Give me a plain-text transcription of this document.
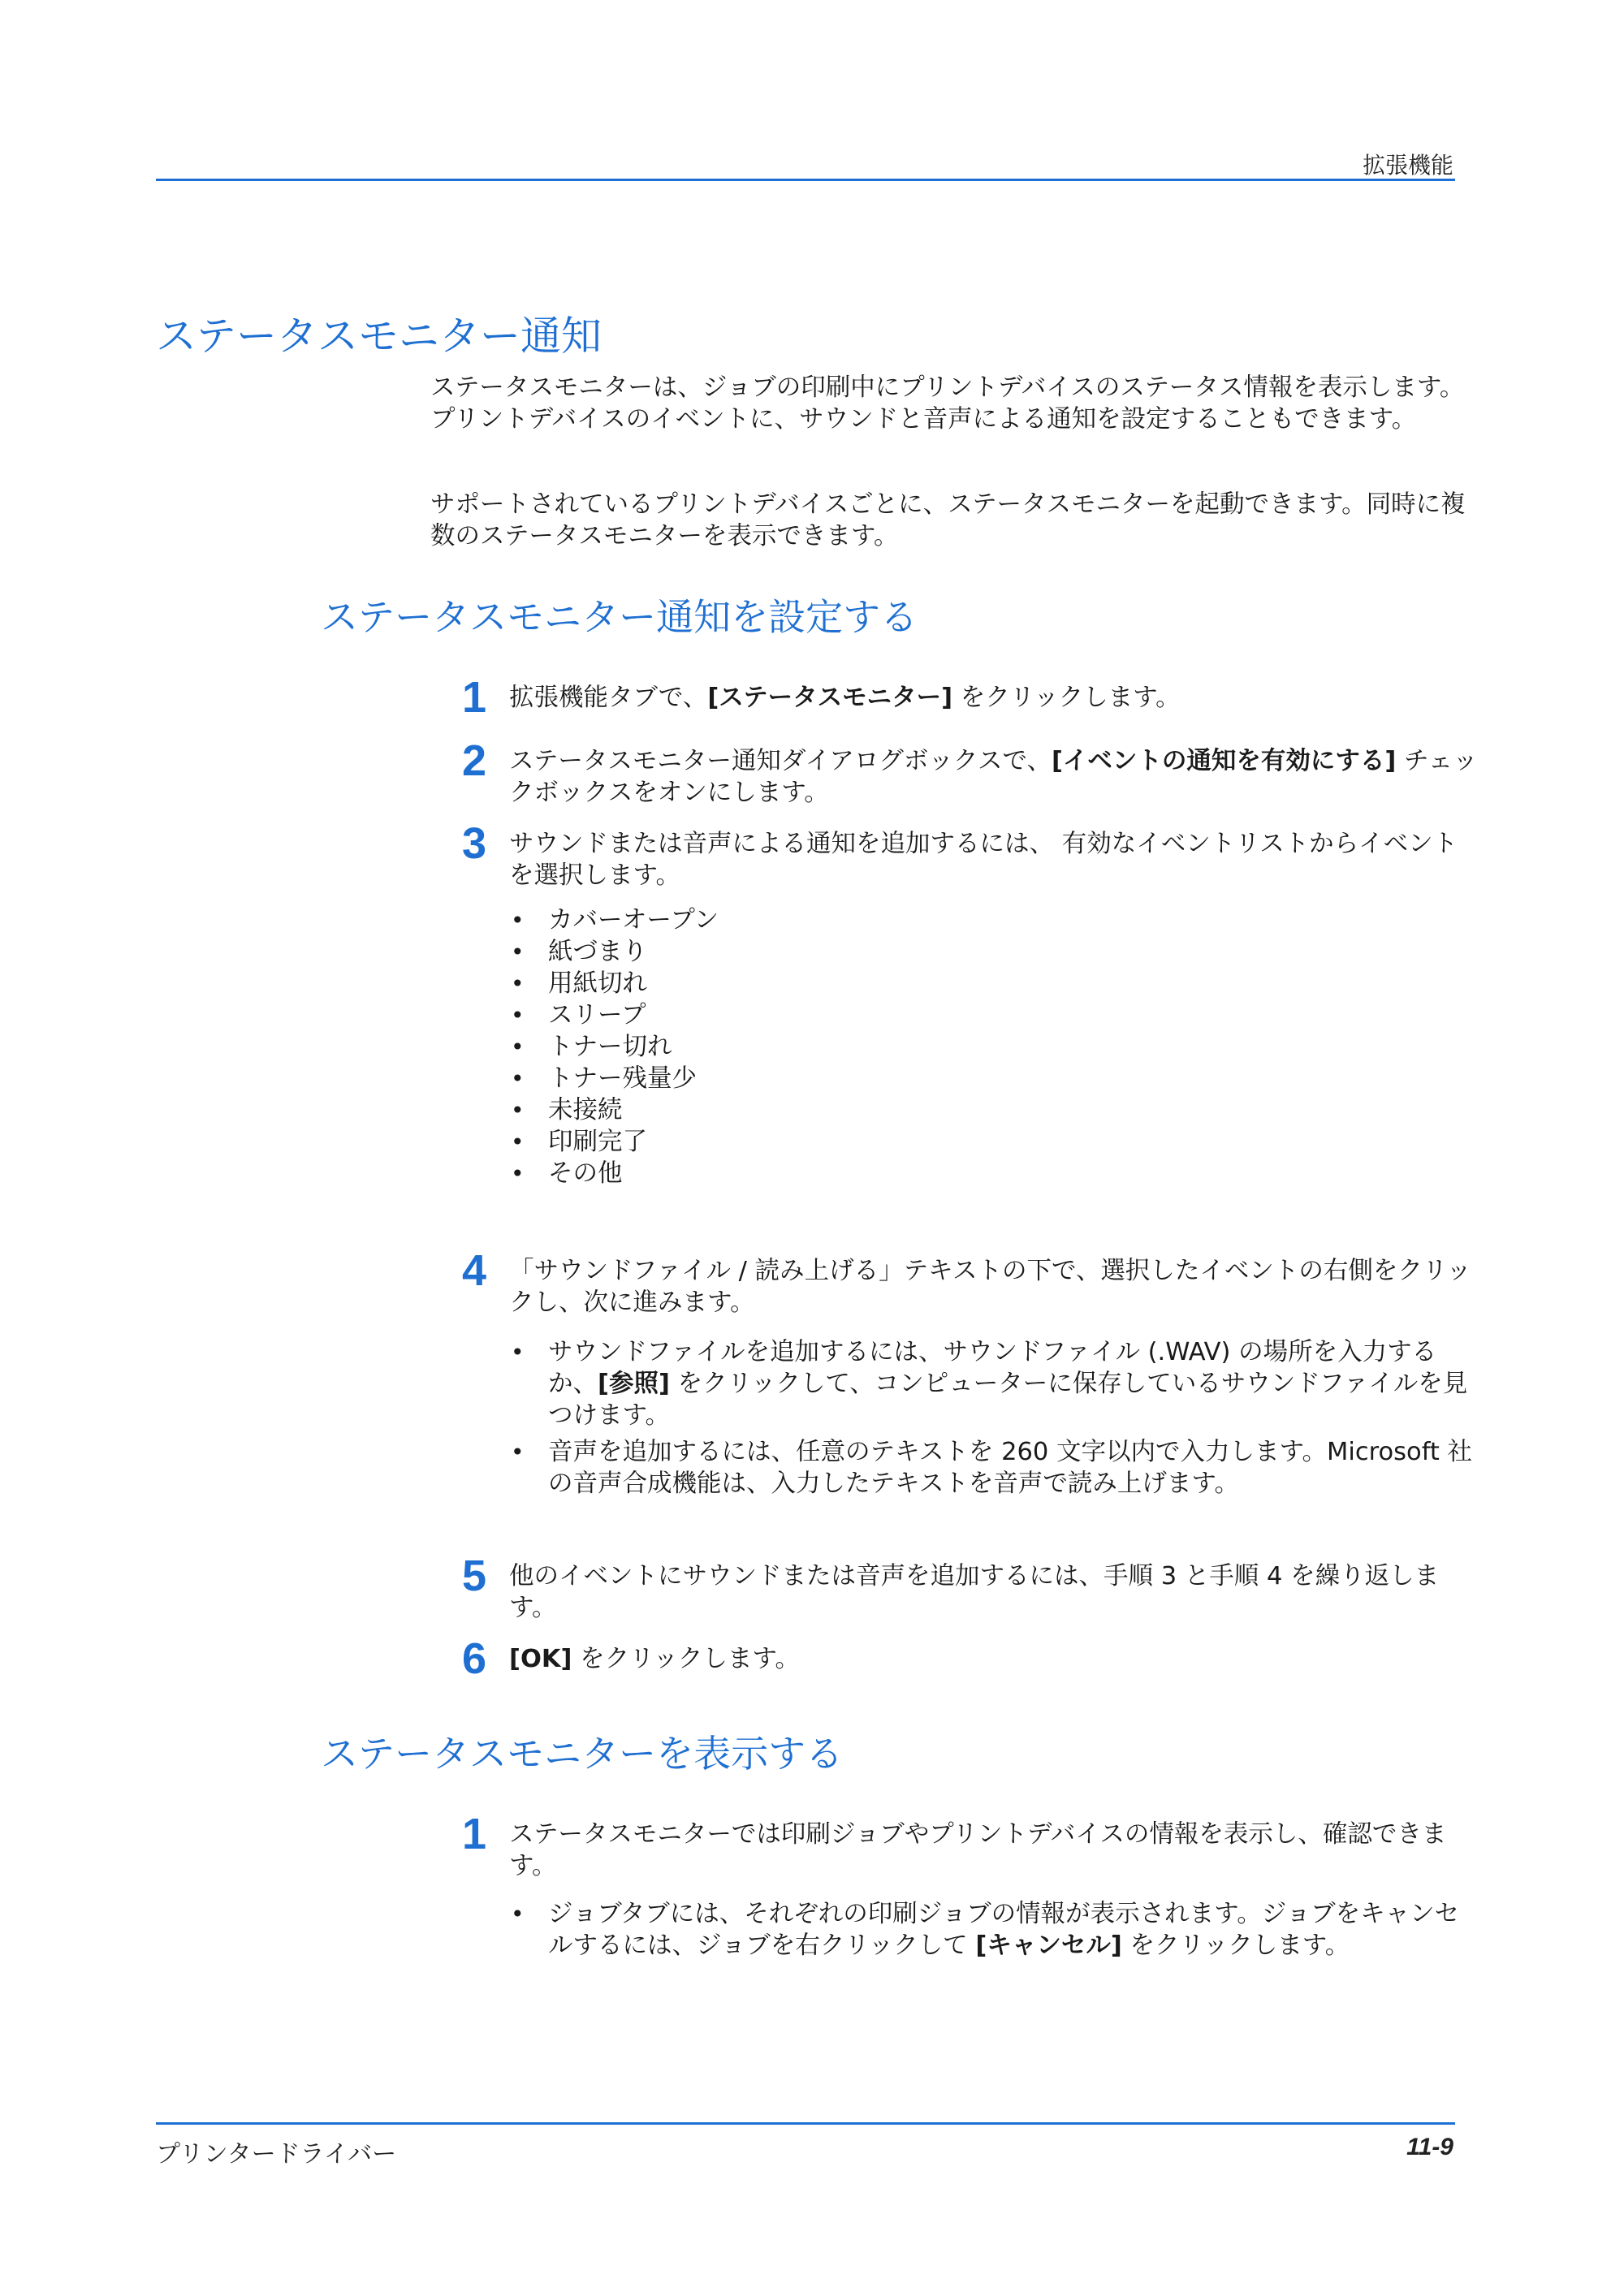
拡張機能
ステータスモニター通知

ステータスモニターは、ジョブの印刷中にプリントデバイスのステータス情報を表示します。プリントデバイスのイベントに、サウンドと音声による通知を設定することもできます。

サポートされているプリントデバイスごとに、ステータスモニターを起動できます。同時に複数のステータスモニターを表示できます。

ステータスモニター通知を設定する
1 拡張機能タブで、[ステータスモニター] をクリックします。
2 ステータスモニター通知ダイアログボックスで、[イベントの通知を有効にする] チェックボックスをオンにします。
3 サウンドまたは音声による通知を追加するには、 有効なイベントリストからイベントを選択します。
• カバーオープン
• 紙づまり
• 用紙切れ
• スリープ
• トナー切れ
• トナー残量少
• 未接続
• 印刷完了
• その他
4 「サウンドファイル / 読み上げる」テキストの下で、選択したイベントの右側をクリックし、次に進みます。
• サウンドファイルを追加するには、サウンドファイル (.WAV) の場所を入力するか、[参照] をクリックして、コンピューターに保存しているサウンドファイルを見つけます。
• 音声を追加するには、任意のテキストを 260 文字以内で入力します。Microsoft 社の音声合成機能は、入力したテキストを音声で読み上げます。
5 他のイベントにサウンドまたは音声を追加するには、手順 3 と手順 4 を繰り返します。
6 [OK] をクリックします。
ステータスモニターを表示する
1 ステータスモニターでは印刷ジョブやプリントデバイスの情報を表示し、確認できます。
• ジョブタブには、それぞれの印刷ジョブの情報が表示されます。ジョブをキャンセルするには、ジョブを右クリックして [キャンセル] をクリックします。
プリンタードライバー	11-9
